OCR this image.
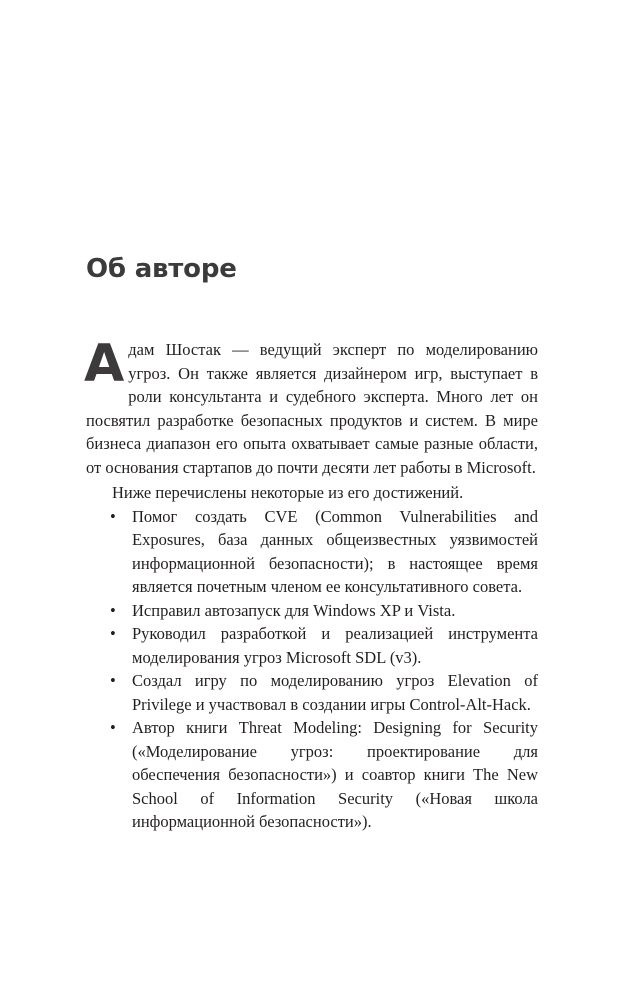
Об авторе

Адам Шостак — ведущий эксперт по моделированию угроз. Он также является дизайнером игр, выступает в роли консультанта и судебного эксперта. Много лет он посвятил разработке безопасных продуктов и систем. В мире бизнеса диапазон его опыта охватывает самые разные области, от основания стартапов до почти десяти лет работы в Microsoft.

Ниже перечислены некоторые из его достижений.

• Помог создать CVE (Common Vulnerabilities and Exposures, база данных общеизвестных уязвимостей информационной безопасности); в настоящее время является почетным членом ее консультативного совета.
• Исправил автозапуск для Windows XP и Vista.
• Руководил разработкой и реализацией инструмента моделирования угроз Microsoft SDL (v3).
• Создал игру по моделированию угроз Elevation of Privilege и участвовал в создании игры Control-Alt-Hack.
• Автор книги Threat Modeling: Designing for Security («Моделирование угроз: проектирование для обеспечения безопасности») и соавтор книги The New School of Information Security («Новая школа информационной безопасности»).
